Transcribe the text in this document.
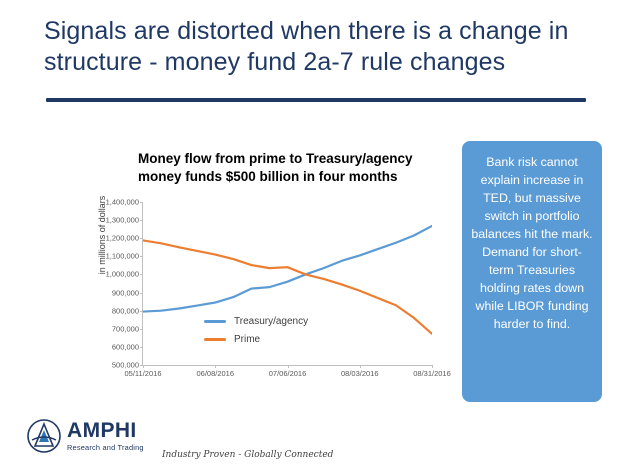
Signals are distorted when there is a change in structure - money fund 2a-7 rule changes
Money flow from prime to Treasury/agency money funds $500 billion in four months
in millions of dollars
1,400,000
1,300,000
1,200,000
1,100,000
1,000,000
900,000
800,000
700,000
600,000
500,000
05/11/2016	06/08/2016	07/06/2016	08/03/2016	08/31/2016
Treasury/agency
Prime
Bank risk cannot explain increase in TED, but massive switch in portfolio balances hit the mark. Demand for short-term Treasuries holding rates down while LIBOR funding harder to find.
AMPHI
Research and Trading
Industry Proven - Globally Connected
